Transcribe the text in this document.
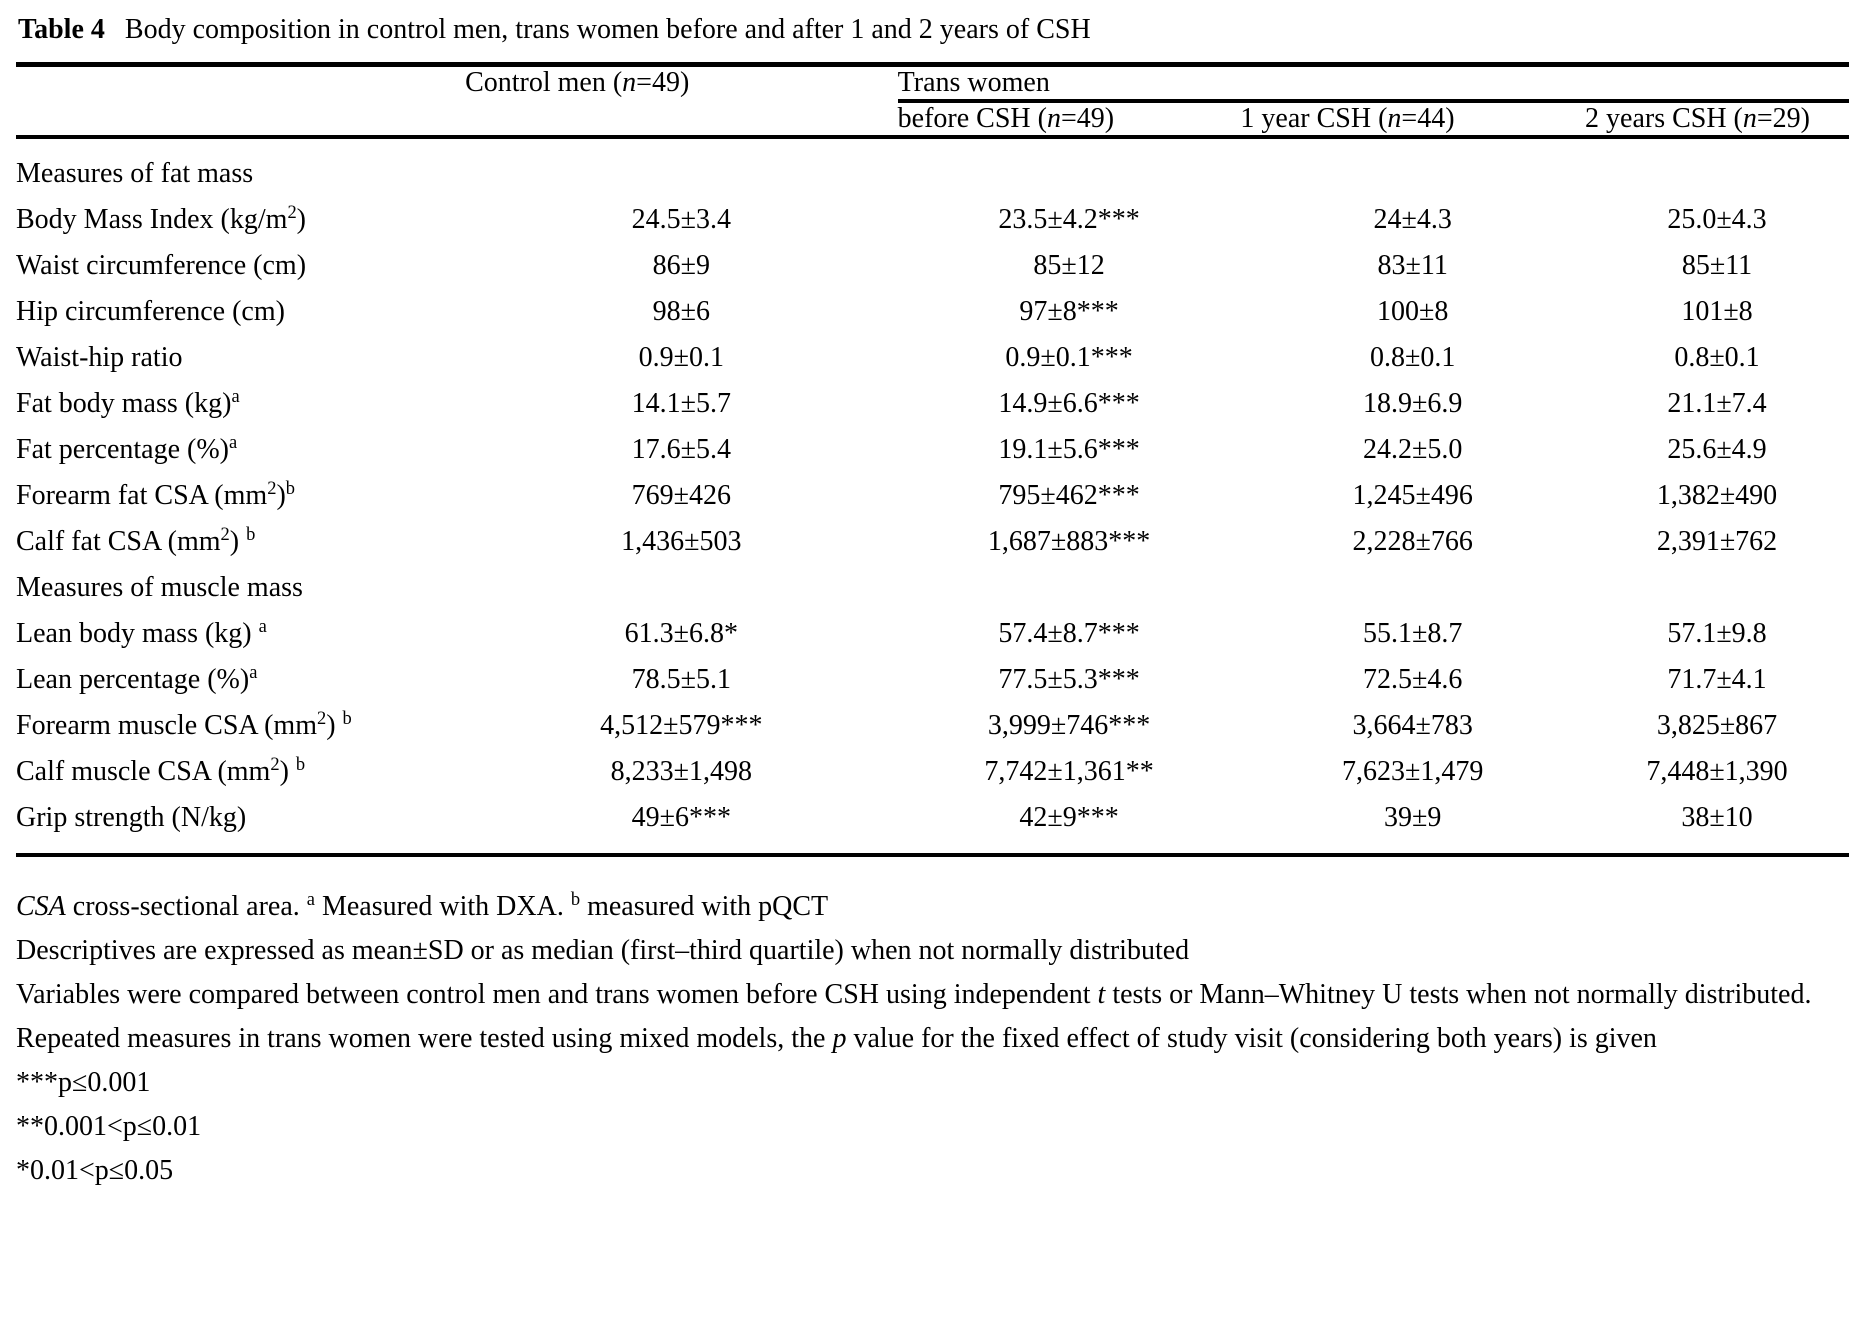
Table 4 Body composition in control men, trans women before and after 1 and 2 years of CSH
	Control men (n=49)	Trans women		
		before CSH (n=49)	1 year CSH (n=44)	2 years CSH (n=29)
Measures of fat mass				
Body Mass Index $(kg/m^2)$	24.5±3.4	23.5±4.2***	24±4.3	25.0±4.3
Waist circumference (cm)	86±9	85±12	83±11	85±11
Hip circumference (cm)	98±6	97±8***	100±8	101±8
Waist-hip ratio	0.9±0.1	0.9±0.1***	0.8±0.1	0.8±0.1
Fat body mass (kg)$^a$	14.1±5.7	14.9±6.6***	18.9±6.9	21.1±7.4
Fat percentage (%)$^a$	17.6±5.4	19.1±5.6***	24.2±5.0	25.6±4.9
Forearm fat CSA $(mm^2)^b$	769±426	795±462***	1,245±496	1,382±490
Calf fat CSA $(mm^2)$ $^b$	1,436±503	1,687±883***	2,228±766	2,391±762
Measures of muscle mass				
Lean body mass (kg) $^a$	61.3±6.8*	57.4±8.7***	55.1±8.7	57.1±9.8
Lean percentage (%)$^a$	78.5±5.1	77.5±5.3***	72.5±4.6	71.7±4.1
Forearm muscle CSA $(mm^2)$ $^b$	4,512±579***	3,999±746***	3,664±783	3,825±867
Calf muscle CSA $(mm^2)$ $^b$	8,233±1,498	7,742±1,361**	7,623±1,479	7,448±1,390
Grip strength (N/kg)	49±6***	42±9***	39±9	38±10

CSA cross-sectional area. $^a$ Measured with DXA. $^b$ measured with pQCT

Descriptives are expressed as mean±SD or as median (first–third quartile) when not normally distributed

Variables were compared between control men and trans women before CSH using independent t tests or Mann–Whitney U tests when not normally distributed. Repeated measures in trans women were tested using mixed models, the p value for the fixed effect of study visit (considering both years) is given

***p≤0.001

**0.001<p≤0.01

*0.01<p≤0.05
